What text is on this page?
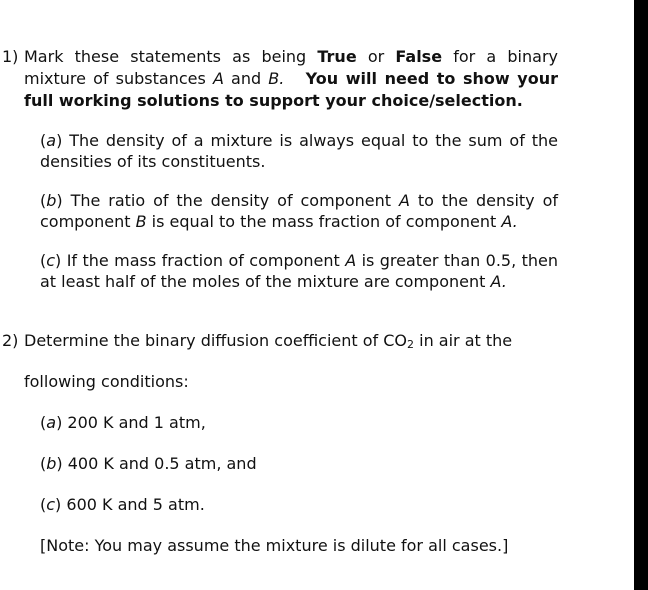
1) Mark these statements as being True or False for a binary mixture of substances A and B. You will need to show your full working solutions to support your choice/selection.
(a) The density of a mixture is always equal to the sum of the densities of its constituents.
(b) The ratio of the density of component A to the density of component B is equal to the mass fraction of component A.
(c) If the mass fraction of component A is greater than 0.5, then at least half of the moles of the mixture are component A.
2) Determine the binary diffusion coefficient of $CO_2$ in air at the
following conditions:
(a) 200 K and 1 atm,
(b) 400 K and 0.5 atm, and
(c) 600 K and 5 atm.
[Note: You may assume the mixture is dilute for all cases.]
